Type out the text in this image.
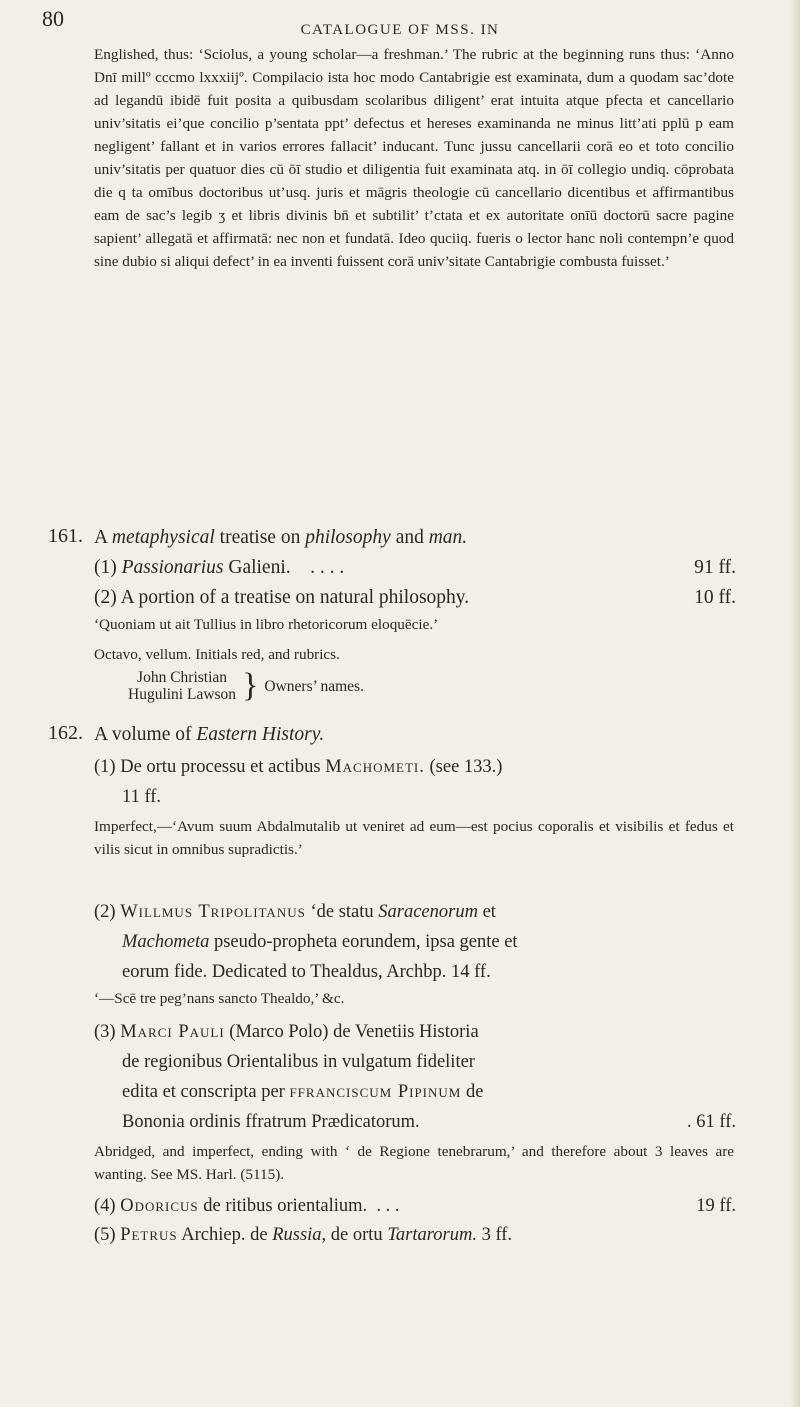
80	CATALOGUE OF MSS. IN
Englished, thus: ‘Sciolus, a young scholar—a freshman.’ The rubric at the beginning runs thus: ‘Anno Dnī millº cccmo lxxxiijº. Compilacio ista hoc modo Cantabrigie est examinata, dum a quodam sac’dote ad legandū ibidē fuit posita a quibusdam scolaribus diligent’ erat intuita atque pfecta et cancellario univ’sitatis ei’que concilio p’sentata ppt’ defectus et hereses examinanda ne minus litt’ati pplū p eam negligent’ fallant et in varios errores fallacit’ inducant. Tunc jussu cancellarii corā eo et toto concilio univ’sitatis per quatuor dies cū ōī studio et diligentia fuit examinata atq. in ōī collegio undiq. cōprobata die q ta omībus doctoribus ut’usq. juris et māgris theologie cū cancellario dicentibus et affirmantibus eam de sac’s legib ʒ et libris divinis bn̄ et subtilit’ t’ctata et ex autoritate onīū doctorū sacre pagine sapient’ allegatā et affirmatā: nec non et fundatā. Ideo quciiq. fueris o lector hanc noli contempn’e quod sine dubio si aliqui defect’ in ea inventi fuissent corā univ’sitate Cantabrigie combusta fuisset.’
161. A metaphysical treatise on philosophy and man.
(1) Passionarius Galieni. . . . .	91 ff.
(2) A portion of a treatise on natural philosophy.	10 ff.
‘Quoniam ut ait Tullius in libro rhetoricorum eloquēcie.’
Octavo, vellum. Initials red, and rubrics.
John Christian
Hugulini Lawson } Owners’ names.
162. A volume of Eastern History.
(1) De ortu processu et actibus Machometi. (see 133.)
11 ff.
Imperfect,—‘Avum suum Abdalmutalib ut veniret ad eum—est pocius coporalis et visibilis et fedus et vilis sicut in omnibus supradictis.’
(2) Willmus Tripolitanus ‘de statu Saracenorum et
Machometa pseudo-propheta eorundem, ipsa gente et
eorum fide. Dedicated to Thealdus, Archbp. 14 ff.
‘—Scē tre peg’nans sancto Thealdo,’ &c.
(3) Marci Pauli (Marco Polo) de Venetiis Historia
de regionibus Orientalibus in vulgatum fideliter
edita et conscripta per ffranciscum Pipinum de
Bononia ordinis ffratrum Prædicatorum.	. 61 ff.
Abridged, and imperfect, ending with ‘ de Regione tenebrarum,’ and therefore about 3 leaves are wanting. See MS. Harl. (5115).
(4) Odoricus de ritibus orientalium. . . .	19 ff.
(5) Petrus Archiep. de Russia, de ortu Tartarorum. 3 ff.
